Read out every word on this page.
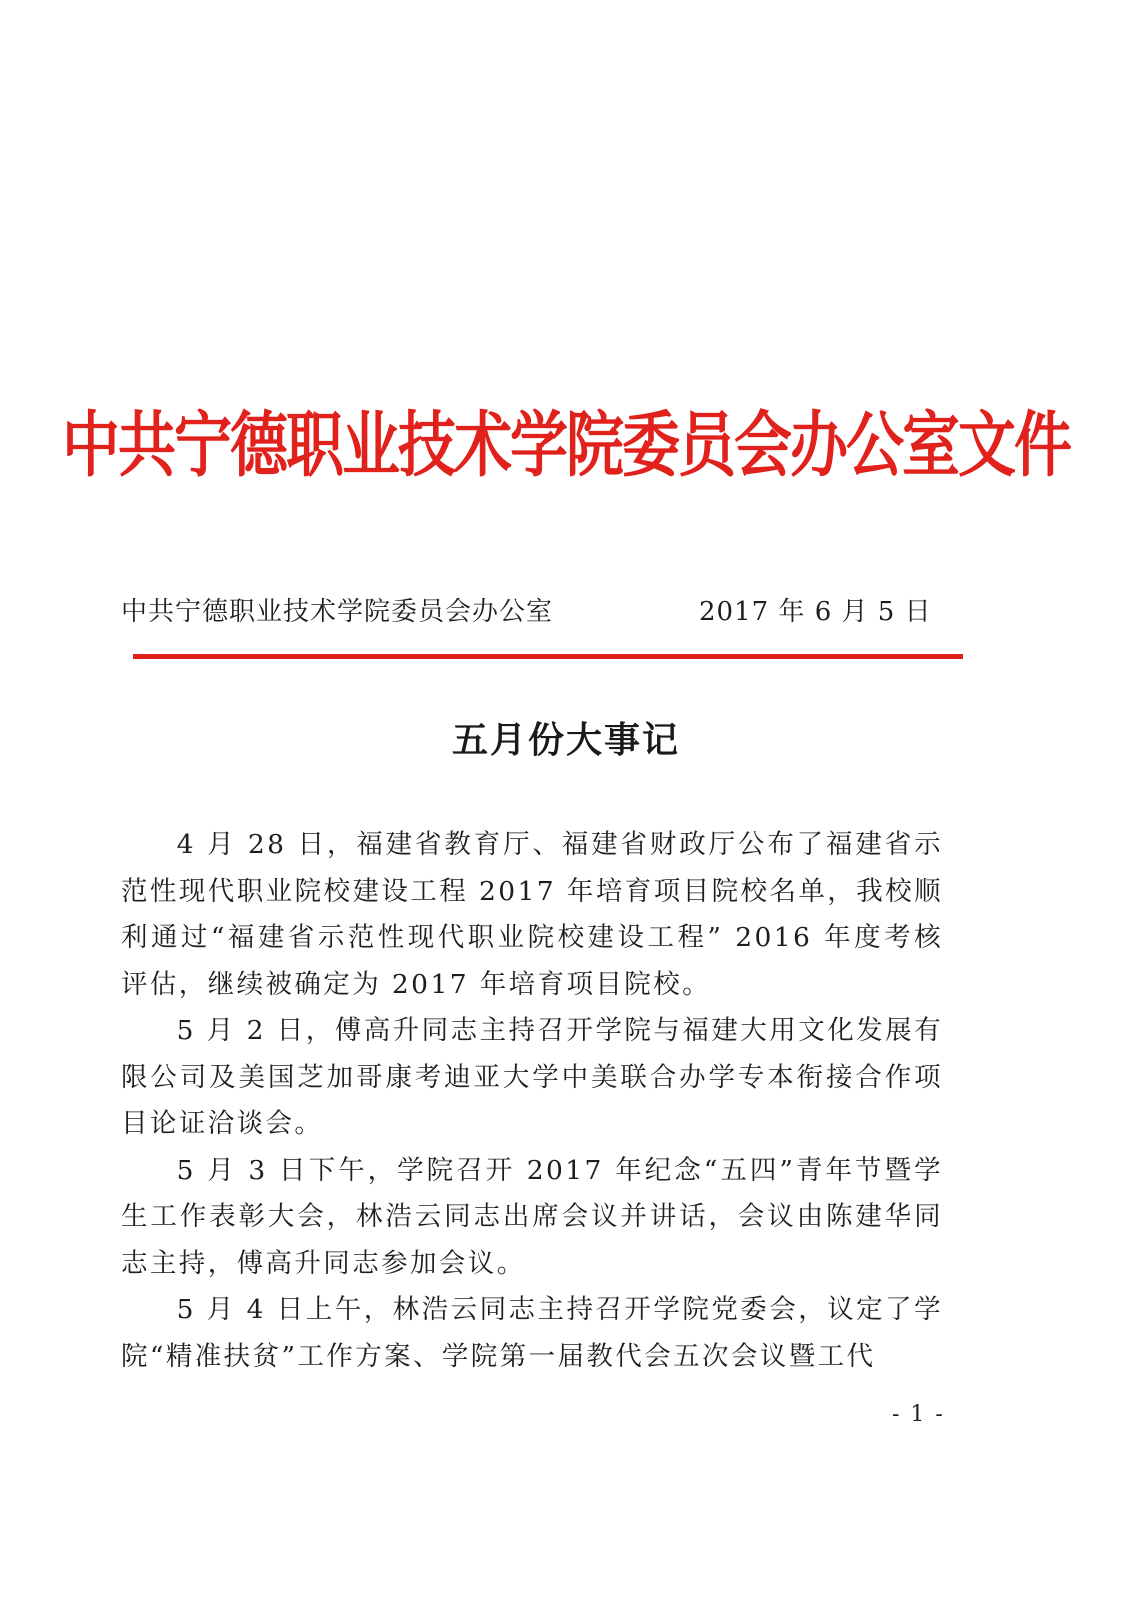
中共宁德职业技术学院委员会办公室文件
中共宁德职业技术学院委员会办公室	2017 年 6 月 5 日
五月份大事记

4 月 28 日，福建省教育厅、福建省财政厅公布了福建省示范性现代职业院校建设工程 2017 年培育项目院校名单，我校顺利通过“福建省示范性现代职业院校建设工程” 2016 年度考核评估，继续被确定为 2017 年培育项目院校。

5 月 2 日，傅高升同志主持召开学院与福建大用文化发展有限公司及美国芝加哥康考迪亚大学中美联合办学专本衔接合作项目论证洽谈会。

5 月 3 日下午，学院召开 2017 年纪念“五四”青年节暨学生工作表彰大会，林浩云同志出席会议并讲话，会议由陈建华同志主持，傅高升同志参加会议。

5 月 4 日上午，林浩云同志主持召开学院党委会，议定了学院“精准扶贫”工作方案、学院第一届教代会五次会议暨工代

- 1 -
